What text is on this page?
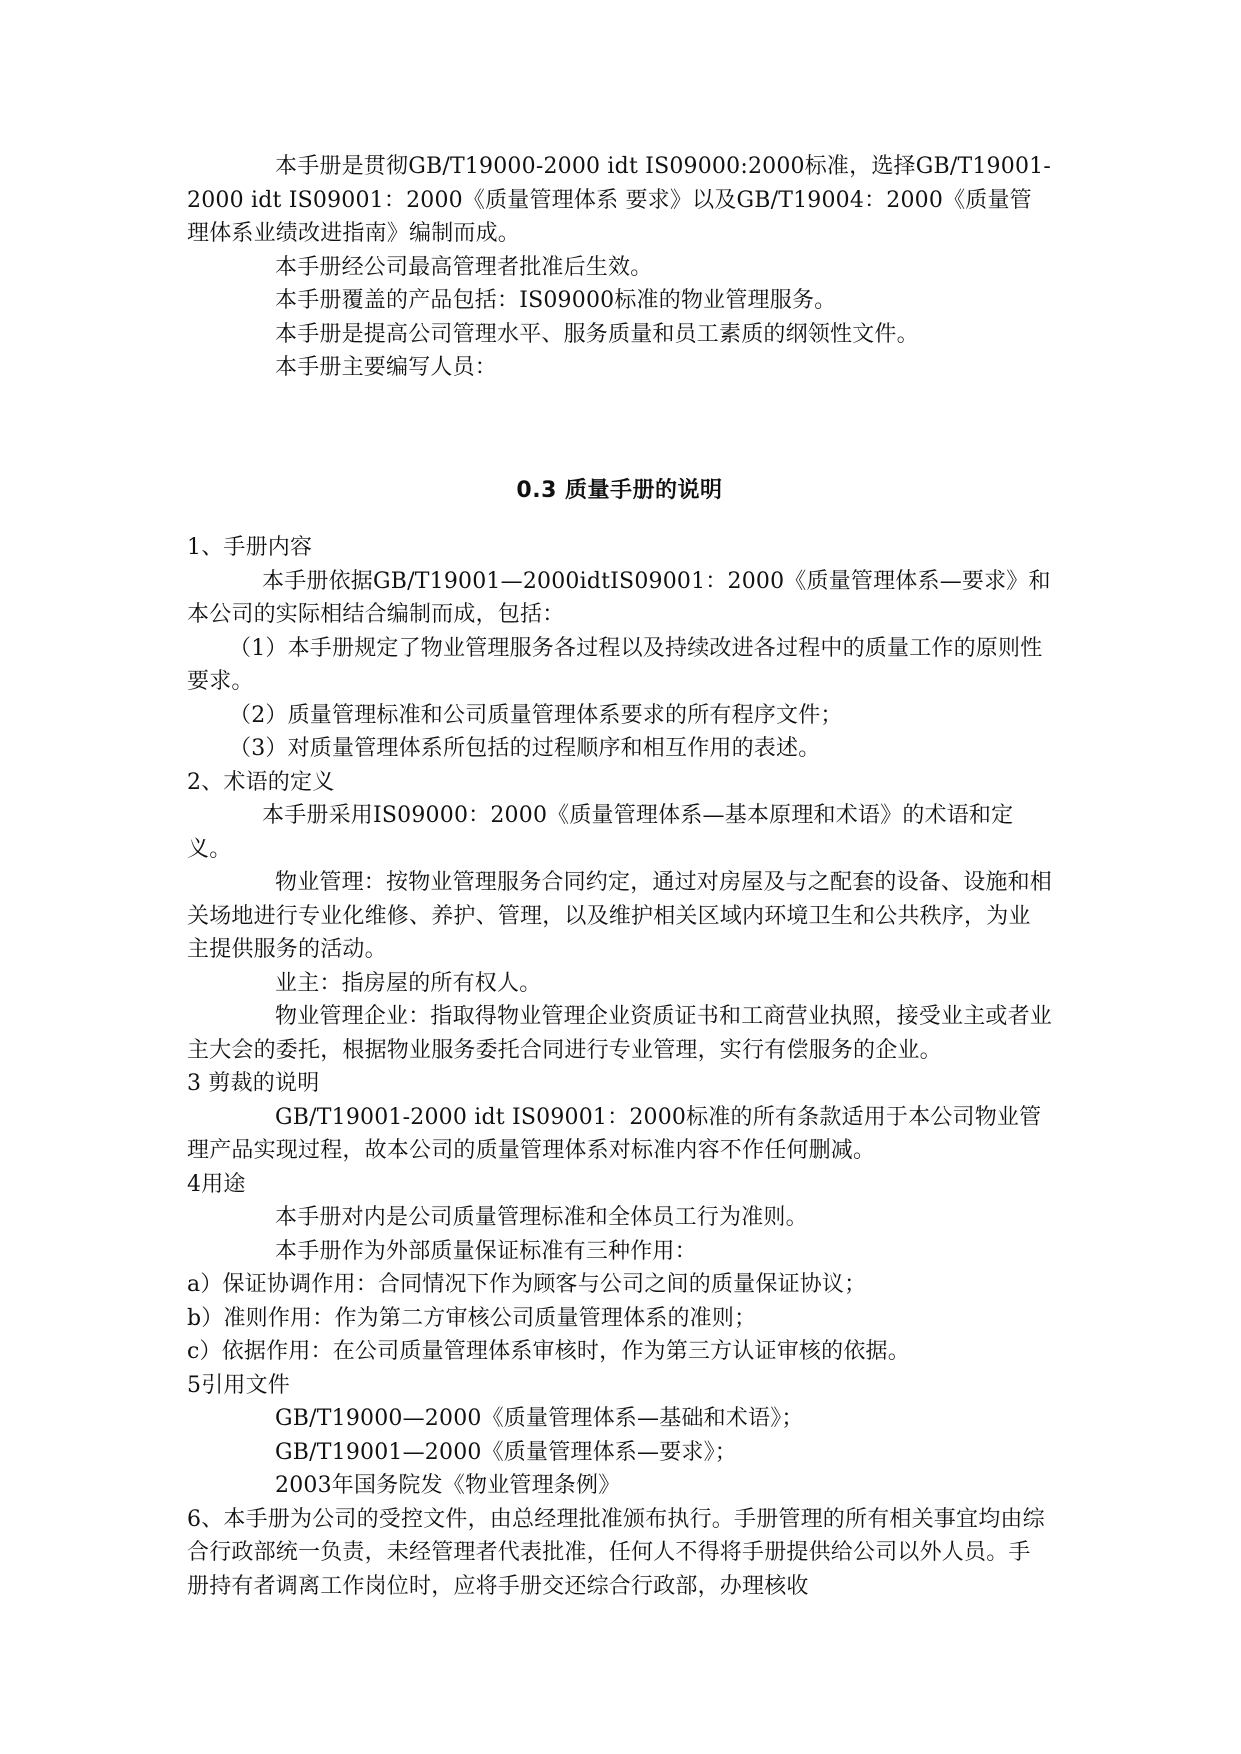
本手册是贯彻GB/T19000-2000 idt IS09000:2000标准，选择GB/T19001-2000 idt IS09001：2000《质量管理体系 要求》以及GB/T19004：2000《质量管理体系业绩改进指南》编制而成。

本手册经公司最高管理者批准后生效。

本手册覆盖的产品包括：IS09000标准的物业管理服务。

本手册是提高公司管理水平、服务质量和员工素质的纲领性文件。

本手册主要编写人员：

0.3 质量手册的说明

1、手册内容

本手册依据GB/T19001—2000idtIS09001：2000《质量管理体系—要求》和本公司的实际相结合编制而成，包括：

（1）本手册规定了物业管理服务各过程以及持续改进各过程中的质量工作的原则性要求。

（2）质量管理标准和公司质量管理体系要求的所有程序文件；

（3）对质量管理体系所包括的过程顺序和相互作用的表述。

2、术语的定义

本手册采用IS09000：2000《质量管理体系—基本原理和术语》的术语和定义。

物业管理：按物业管理服务合同约定，通过对房屋及与之配套的设备、设施和相关场地进行专业化维修、养护、管理，以及维护相关区域内环境卫生和公共秩序，为业主提供服务的活动。

业主：指房屋的所有权人。

物业管理企业：指取得物业管理企业资质证书和工商营业执照，接受业主或者业主大会的委托，根据物业服务委托合同进行专业管理，实行有偿服务的企业。

3 剪裁的说明

GB/T19001-2000 idt IS09001：2000标准的所有条款适用于本公司物业管理产品实现过程，故本公司的质量管理体系对标准内容不作任何删减。

4用途

本手册对内是公司质量管理标准和全体员工行为准则。

本手册作为外部质量保证标准有三种作用：

a）保证协调作用：合同情况下作为顾客与公司之间的质量保证协议；

b）准则作用：作为第二方审核公司质量管理体系的准则；

c）依据作用：在公司质量管理体系审核时，作为第三方认证审核的依据。

5引用文件

GB/T19000—2000《质量管理体系—基础和术语》；

GB/T19001—2000《质量管理体系—要求》；

2003年国务院发《物业管理条例》

6、本手册为公司的受控文件，由总经理批准颁布执行。手册管理的所有相关事宜均由综合行政部统一负责，未经管理者代表批准，任何人不得将手册提供给公司以外人员。手册持有者调离工作岗位时，应将手册交还综合行政部，办理核收
